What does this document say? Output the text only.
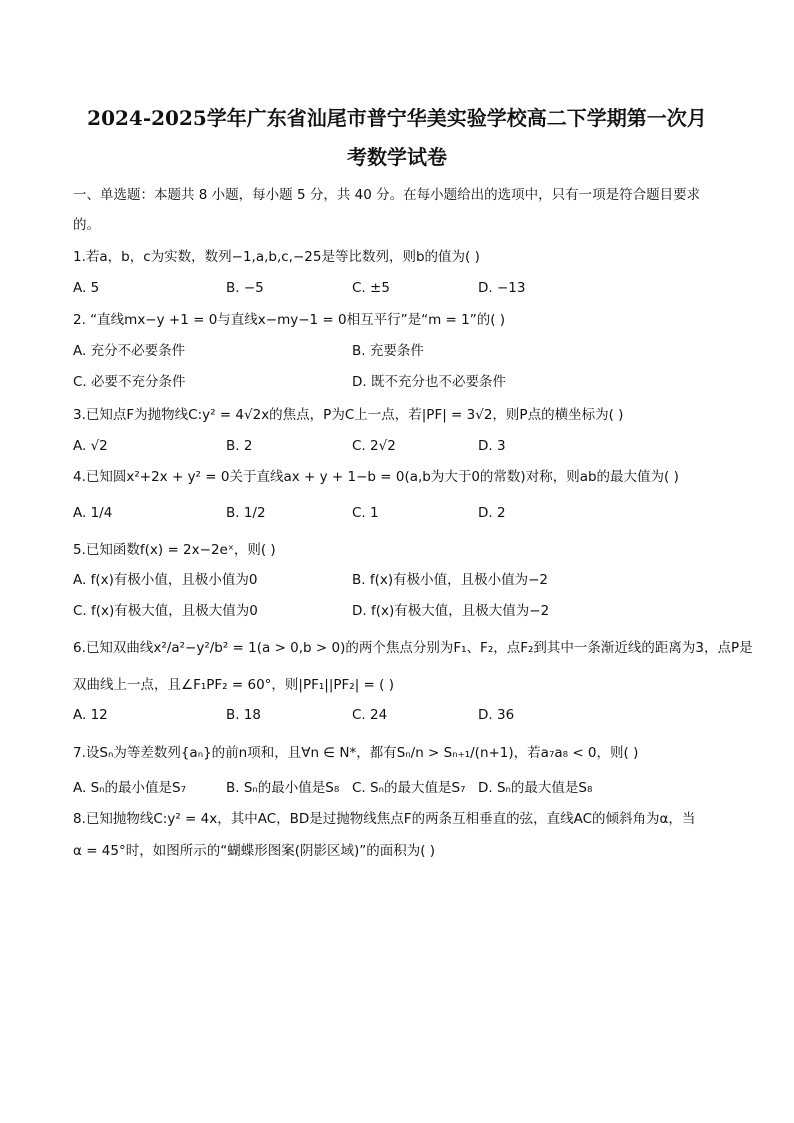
2024-2025学年广东省汕尾市普宁华美实验学校高二下学期第一次月
考数学试卷

一、单选题：本题共 8 小题，每小题 5 分，共 40 分。在每小题给出的选项中，只有一项是符合题目要求

的。

1.若a，b，c为实数，数列−1,a,b,c,−25是等比数列，则b的值为( )

A. 5	B. −5	C. ±5	D. −13

2. “直线mx−y +1 = 0与直线x−my−1 = 0相互平行”是“m = 1”的( )

A. 充分不必要条件	B. 充要条件
C. 必要不充分条件	D. 既不充分也不必要条件

3.已知点F为抛物线C:y² = 4√2x的焦点，P为C上一点，若|PF| = 3√2，则P点的横坐标为( )

A. √2	B. 2	C. 2√2	D. 3

4.已知圆x²+2x + y² = 0关于直线ax + y + 1−b = 0(a,b为大于0的常数)对称，则ab的最大值为( )

A. 1/4	B. 1/2	C. 1	D. 2

5.已知函数f(x) = 2x−2eˣ，则( )

A. f(x)有极小值，且极小值为0	B. f(x)有极小值，且极小值为−2
C. f(x)有极大值，且极大值为0	D. f(x)有极大值，且极大值为−2

6.已知双曲线x²/a²−y²/b² = 1(a > 0,b > 0)的两个焦点分别为F₁、F₂，点F₂到其中一条渐近线的距离为3，点P是

双曲线上一点，且∠F₁PF₂ = 60°，则|PF₁||PF₂| = ( )

A. 12	B. 18	C. 24	D. 36

7.设Sₙ为等差数列{aₙ}的前n项和，且∀n ∈ N*，都有Sₙ/n > Sₙ₊₁/(n+1)，若a₇a₈ < 0，则( )

A. Sₙ的最小值是S₇	B. Sₙ的最小值是S₈ C. Sₙ的最大值是S₇ D. Sₙ的最大值是S₈

8.已知抛物线C:y² = 4x，其中AC，BD是过抛物线焦点F的两条互相垂直的弦，直线AC的倾斜角为α，当

α = 45°时，如图所示的“蝴蝶形图案(阴影区域)”的面积为( )
